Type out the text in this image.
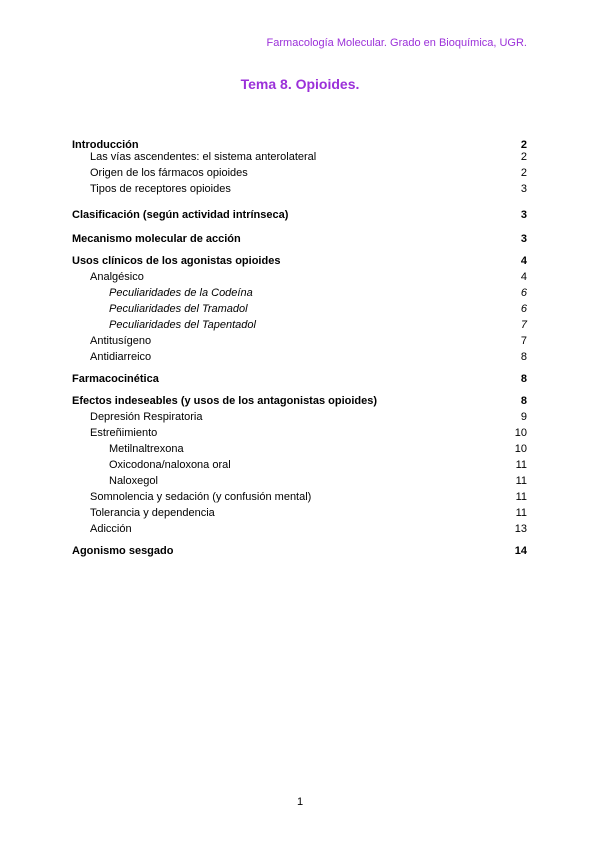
Farmacología Molecular. Grado en Bioquímica, UGR.
Tema 8. Opioides.
Introducción	2
Las vías ascendentes: el sistema anterolateral	2
Origen de los fármacos opioides	2
Tipos de receptores opioides	3
Clasificación (según actividad intrínseca)	3
Mecanismo molecular de acción	3
Usos clínicos de los agonistas opioides	4
Analgésico	4
Peculiaridades de la Codeína	6
Peculiaridades del Tramadol	6
Peculiaridades del Tapentadol	7
Antitusígeno	7
Antidiarreico	8
Farmacocinética	8
Efectos indeseables (y usos de los antagonistas opioides)	8
Depresión Respiratoria	9
Estreñimiento	10
Metilnaltrexona	10
Oxicodona/naloxona oral	11
Naloxegol	11
Somnolencia y sedación (y confusión mental)	11
Tolerancia y dependencia	11
Adicción	13
Agonismo sesgado	14
1
